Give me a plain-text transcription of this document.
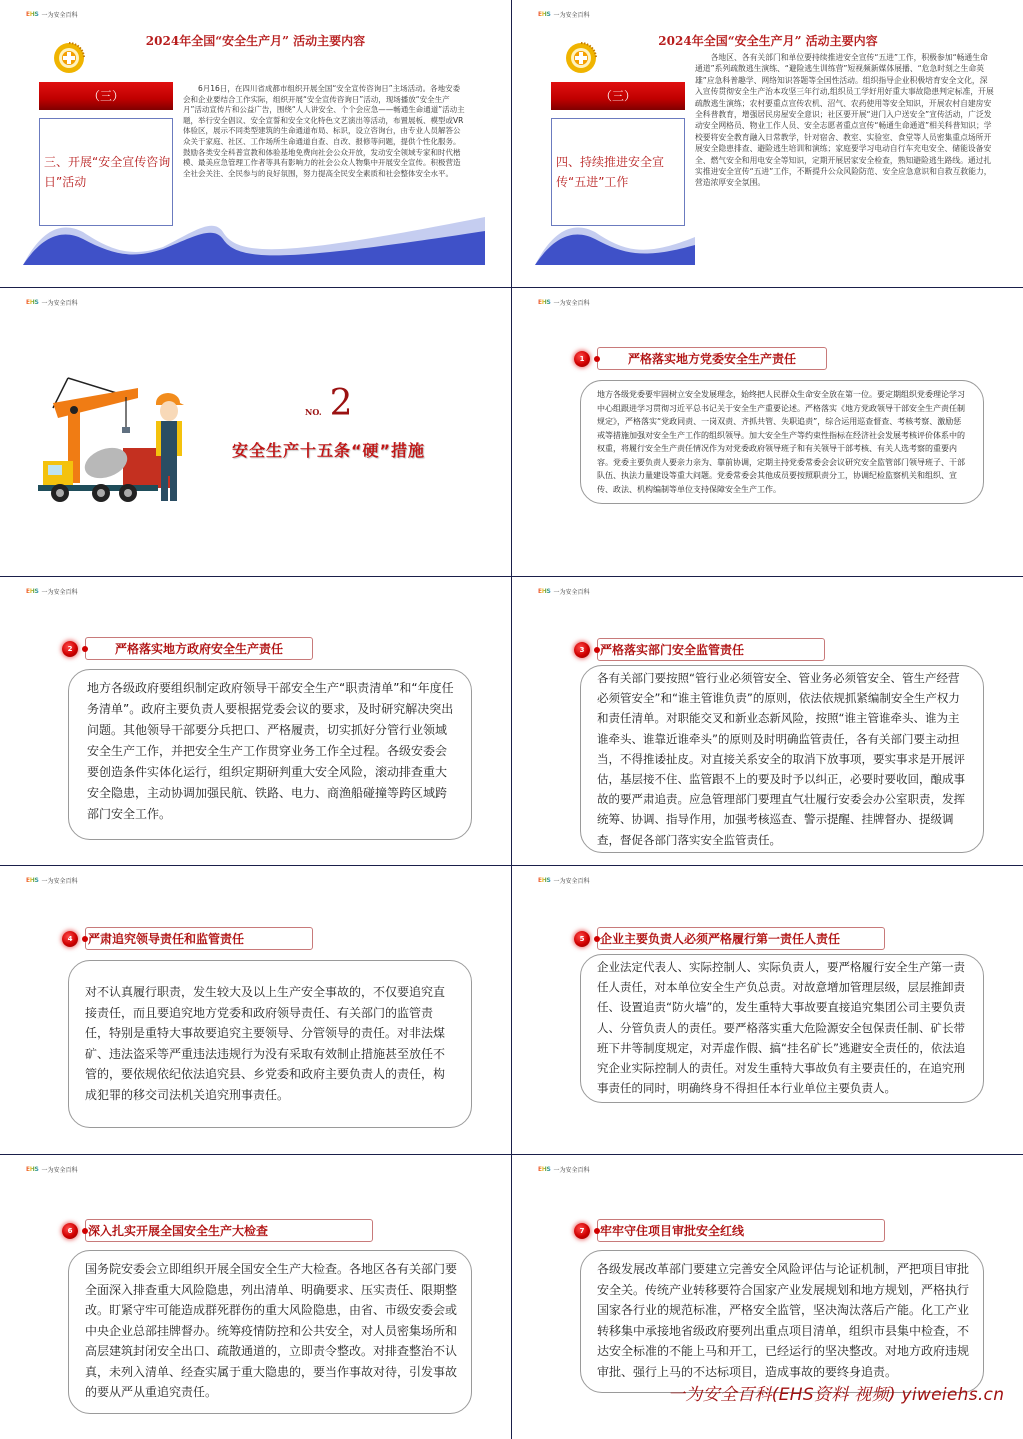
EHS 一为安全百科
2024年全国“安全生产月” 活动主要内容
（三）
三、开展“安全宣传咨询日”活动
6月16日，在四川省成都市组织开展全国“安全宣传咨询日”主场活动。各地安委会和企业要结合工作实际，组织开展“安全宣传咨询日”活动，现场播放“安全生产月”活动宣传片和公益广告，围绕“人人讲安全、个个会应急——畅通生命通道”活动主题，举行安全倡议、安全宣誓和安全文化特色文艺演出等活动，布置展板、模型或VR体验区，展示不同类型建筑的生命通道布局、标识，设立咨询台，由专业人员解答公众关于家庭、社区、工作场所生命通道自查、自改、报修等问题，提供个性化服务。鼓励各类安全科普宣教和体验基地免费向社会公众开放，发动安全领域专家和时代楷模、最美应急管理工作者等具有影响力的社会公众人物集中开展安全宣传。积极营造全社会关注、全民参与的良好氛围，努力提高全民安全素质和社会整体安全水平。
EHS 一为安全百科
2024年全国“安全生产月” 活动主要内容
（三）
四、持续推进安全宣传“五进”工作
各地区、各有关部门和单位要持续推进安全宣传“五进”工作，积极参加“畅通生命通道”系列疏散逃生演练、“避险逃生训练营”短视频新媒体展播、“危急时刻之生命英雄”应急科普趣学、网络知识答题等全国性活动。组织指导企业积极培育安全文化，深入宣传贯彻安全生产治本攻坚三年行动,组织员工学好用好重大事故隐患判定标准，开展疏散逃生演练；农村要重点宣传农机、沼气、农药使用等安全知识，开展农村自建房安全科普教育，增强居民房屋安全意识；社区要开展“进门入户送安全”宣传活动，广泛发动安全网格员、物业工作人员、安全志愿者重点宣传“畅通生命通道”相关科普知识；学校要将安全教育融入日常教学，针对宿舍、教室、实验室、食堂等人员密集重点场所开展安全隐患排查、避险逃生培训和演练；家庭要学习电动自行车充电安全、储能设备安全、燃气安全和用电安全等知识，定期开展居家安全检查，熟知避险逃生路线。通过扎实推进安全宣传“五进”工作，不断提升公众风险防范、安全应急意识和自救互救能力，营造浓厚安全氛围。
EHS 一为安全百科
NO. 2
安全生产十五条“硬”措施
EHS 一为安全百科
1	严格落实地方党委安全生产责任
地方各级党委要牢固树立安全发展理念，始终把人民群众生命安全放在第一位。要定期组织党委理论学习中心组跟进学习贯彻习近平总书记关于安全生产重要论述。严格落实《地方党政领导干部安全生产责任制规定》，严格落实“党政同责、一岗双责、齐抓共管、失职追责”，综合运用巡查督查、考核考察、激励惩戒等措施加强对安全生产工作的组织领导。加大安全生产等约束性指标在经济社会发展考核评价体系中的权重，将履行安全生产责任情况作为对党委政府领导班子和有关领导干部考核、有关人选考察的重要内容。党委主要负责人要亲力亲为、靠前协调，定期主持党委常委会会议研究安全监管部门领导班子、干部队伍、执法力量建设等重大问题。党委常委会其他成员要按照职责分工，协调纪检监察机关和组织、宣传、政法、机构编制等单位支持保障安全生产工作。
EHS 一为安全百科
2	严格落实地方政府安全生产责任
地方各级政府要组织制定政府领导干部安全生产“职责清单”和“年度任务清单”。政府主要负责人要根据党委会议的要求，及时研究解决突出问题。其他领导干部要分兵把口、严格履责，切实抓好分管行业领域安全生产工作，并把安全生产工作贯穿业务工作全过程。各级安委会要创造条件实体化运行，组织定期研判重大安全风险，滚动排查重大安全隐患，主动协调加强民航、铁路、电力、商渔船碰撞等跨区域跨部门安全工作。
EHS 一为安全百科
3	严格落实部门安全监管责任
各有关部门要按照“管行业必须管安全、管业务必须管安全、管生产经营必须管安全”和“谁主管谁负责”的原则，依法依规抓紧编制安全生产权力和责任清单。对职能交叉和新业态新风险，按照“谁主管谁牵头、谁为主谁牵头、谁靠近谁牵头”的原则及时明确监管责任，各有关部门要主动担当，不得推诿扯皮。对直接关系安全的取消下放事项，要实事求是开展评估，基层接不住、监管跟不上的要及时予以纠正，必要时要收回，酿成事故的要严肃追责。应急管理部门要理直气壮履行安委会办公室职责，发挥统筹、协调、指导作用，加强考核巡查、警示提醒、挂牌督办、提级调查，督促各部门落实安全监管责任。
EHS 一为安全百科
4	严肃追究领导责任和监管责任
对不认真履行职责，发生较大及以上生产安全事故的，不仅要追究直接责任，而且要追究地方党委和政府领导责任、有关部门的监管责任，特别是重特大事故要追究主要领导、分管领导的责任。对非法煤矿、违法盗采等严重违法违规行为没有采取有效制止措施甚至放任不管的，要依规依纪依法追究县、乡党委和政府主要负责人的责任，构成犯罪的移交司法机关追究刑事责任。
EHS 一为安全百科
5	企业主要负责人必须严格履行第一责任人责任
企业法定代表人、实际控制人、实际负责人，要严格履行安全生产第一责任人责任，对本单位安全生产负总责。对故意增加管理层级，层层推卸责任、设置追责“防火墙”的，发生重特大事故要直接追究集团公司主要负责人、分管负责人的责任。要严格落实重大危险源安全包保责任制、矿长带班下井等制度规定，对弄虚作假、搞“挂名矿长”逃避安全责任的，依法追究企业实际控制人的责任。对发生重特大事故负有主要责任的，在追究刑事责任的同时，明确终身不得担任本行业单位主要负责人。
EHS 一为安全百科
6	深入扎实开展全国安全生产大检查
国务院安委会立即组织开展全国安全生产大检查。各地区各有关部门要全面深入排查重大风险隐患，列出清单、明确要求、压实责任、限期整改。盯紧守牢可能造成群死群伤的重大风险隐患，由省、市级安委会或中央企业总部挂牌督办。统筹疫情防控和公共安全，对人员密集场所和高层建筑封闭安全出口、疏散通道的，立即责令整改。对排查整治不认真，未列入清单、经查实属于重大隐患的，要当作事故对待，引发事故的要从严从重追究责任。
EHS 一为安全百科
7	牢牢守住项目审批安全红线
各级发展改革部门要建立完善安全风险评估与论证机制，严把项目审批安全关。传统产业转移要符合国家产业发展规划和地方规划，严格执行国家各行业的规范标准，严格安全监管，坚决淘汰落后产能。化工产业转移集中承接地省级政府要列出重点项目清单，组织市县集中检查，不达安全标准的不能上马和开工，已经运行的坚决整改。对地方政府违规审批、强行上马的不达标项目，造成事故的要终身追责。
一为安全百科(EHS资料 视频) yiweiehs.cn
